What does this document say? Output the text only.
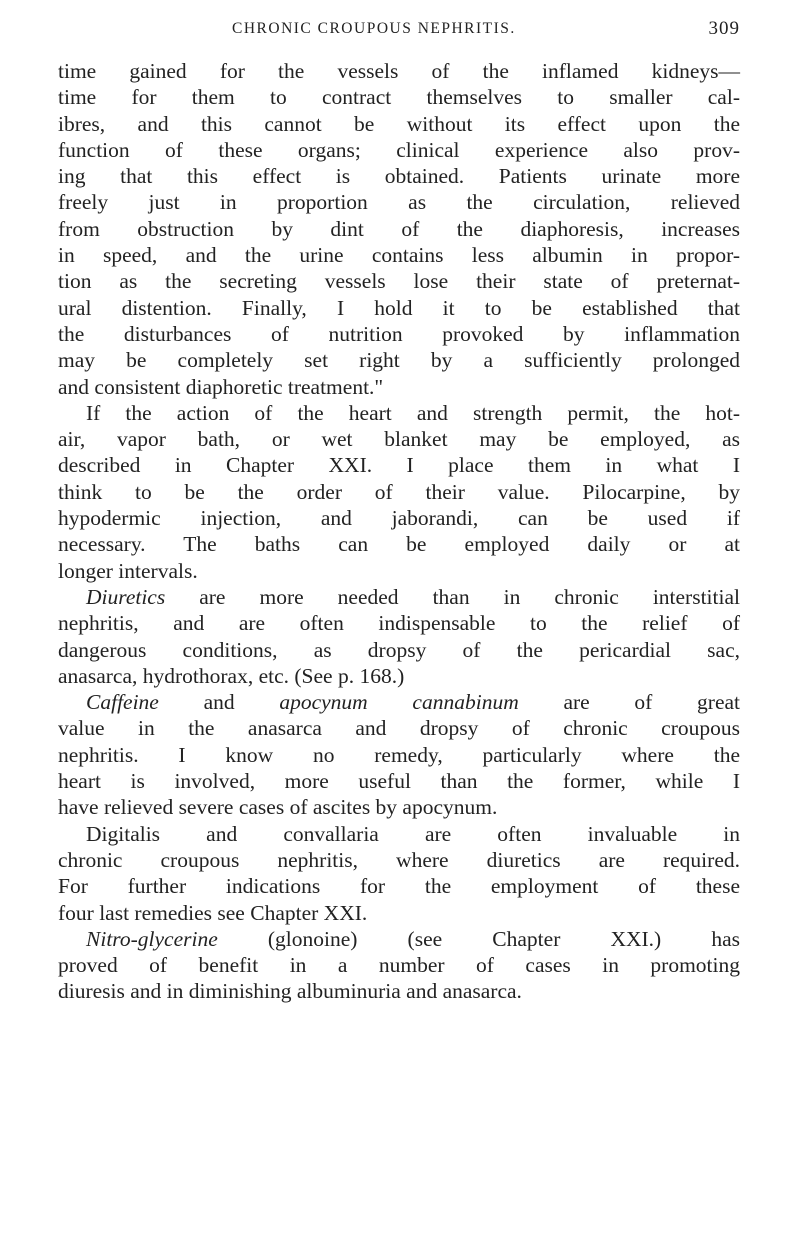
CHRONIC CROUPOUS NEPHRITIS.	309

time gained for the vessels of the inflamed kidneys—
time for them to contract themselves to smaller cal-
ibres, and this cannot be without its effect upon the
function of these organs; clinical experience also prov-
ing that this effect is obtained. Patients urinate more
freely just in proportion as the circulation, relieved
from obstruction by dint of the diaphoresis, increases
in speed, and the urine contains less albumin in propor-
tion as the secreting vessels lose their state of preternat-
ural distention. Finally, I hold it to be established that
the disturbances of nutrition provoked by inflammation
may be completely set right by a sufficiently prolonged
and consistent diaphoretic treatment."

If the action of the heart and strength permit, the hot-
air, vapor bath, or wet blanket may be employed, as
described in Chapter XXI. I place them in what I
think to be the order of their value. Pilocarpine, by
hypodermic injection, and jaborandi, can be used if
necessary. The baths can be employed daily or at
longer intervals.

Diuretics are more needed than in chronic interstitial
nephritis, and are often indispensable to the relief of
dangerous conditions, as dropsy of the pericardial sac,
anasarca, hydrothorax, etc. (See p. 168.)

Caffeine and apocynum cannabinum are of great
value in the anasarca and dropsy of chronic croupous
nephritis. I know no remedy, particularly where the
heart is involved, more useful than the former, while I
have relieved severe cases of ascites by apocynum.

Digitalis and convallaria are often invaluable in
chronic croupous nephritis, where diuretics are required.
For further indications for the employment of these
four last remedies see Chapter XXI.

Nitro-glycerine (glonoine) (see Chapter XXI.) has
proved of benefit in a number of cases in promoting
diuresis and in diminishing albuminuria and anasarca.
